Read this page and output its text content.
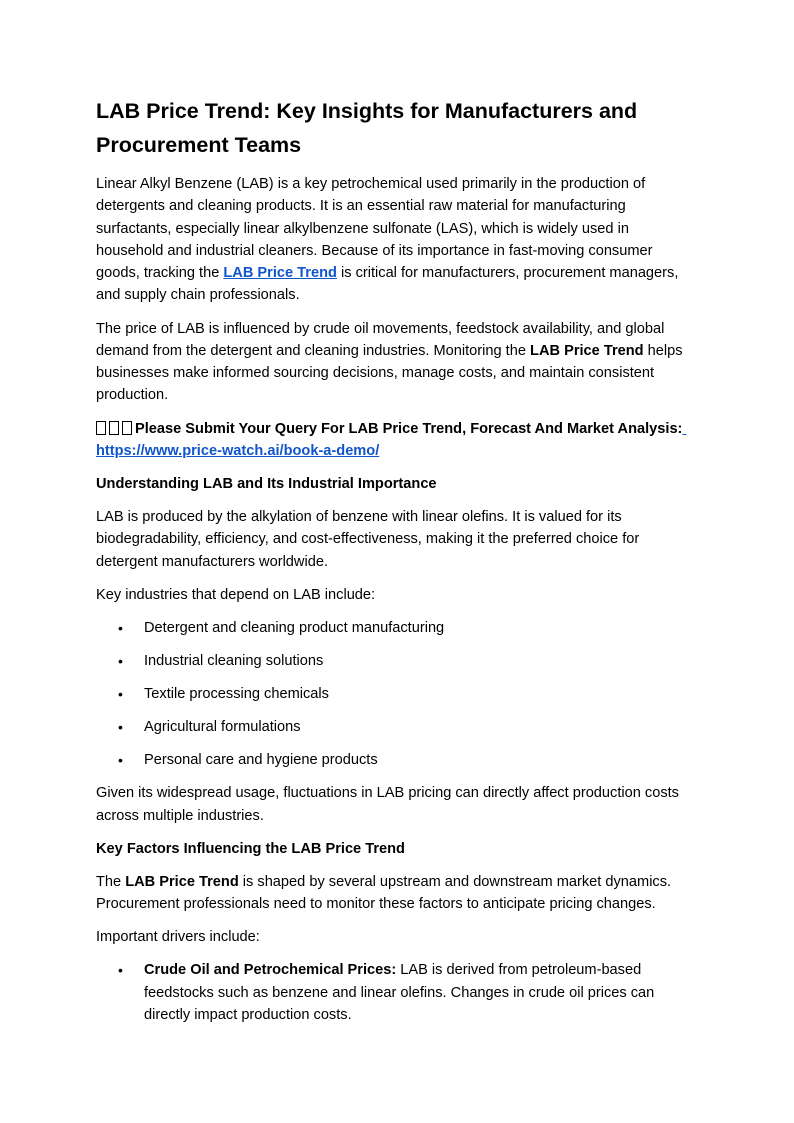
LAB Price Trend: Key Insights for Manufacturers and Procurement Teams

Linear Alkyl Benzene (LAB) is a key petrochemical used primarily in the production of detergents and cleaning products. It is an essential raw material for manufacturing surfactants, especially linear alkylbenzene sulfonate (LAS), which is widely used in household and industrial cleaners. Because of its importance in fast-moving consumer goods, tracking the LAB Price Trend is critical for manufacturers, procurement managers, and supply chain professionals.

The price of LAB is influenced by crude oil movements, feedstock availability, and global demand from the detergent and cleaning industries. Monitoring the LAB Price Trend helps businesses make informed sourcing decisions, manage costs, and maintain consistent production.

Please Submit Your Query For LAB Price Trend, Forecast And Market Analysis:
https://www.price-watch.ai/book-a-demo/

Understanding LAB and Its Industrial Importance

LAB is produced by the alkylation of benzene with linear olefins. It is valued for its biodegradability, efficiency, and cost-effectiveness, making it the preferred choice for detergent manufacturers worldwide.

Key industries that depend on LAB include:

• Detergent and cleaning product manufacturing
• Industrial cleaning solutions
• Textile processing chemicals
• Agricultural formulations
• Personal care and hygiene products

Given its widespread usage, fluctuations in LAB pricing can directly affect production costs across multiple industries.

Key Factors Influencing the LAB Price Trend

The LAB Price Trend is shaped by several upstream and downstream market dynamics. Procurement professionals need to monitor these factors to anticipate pricing changes.

Important drivers include:

• Crude Oil and Petrochemical Prices: LAB is derived from petroleum-based feedstocks such as benzene and linear olefins. Changes in crude oil prices can directly impact production costs.
